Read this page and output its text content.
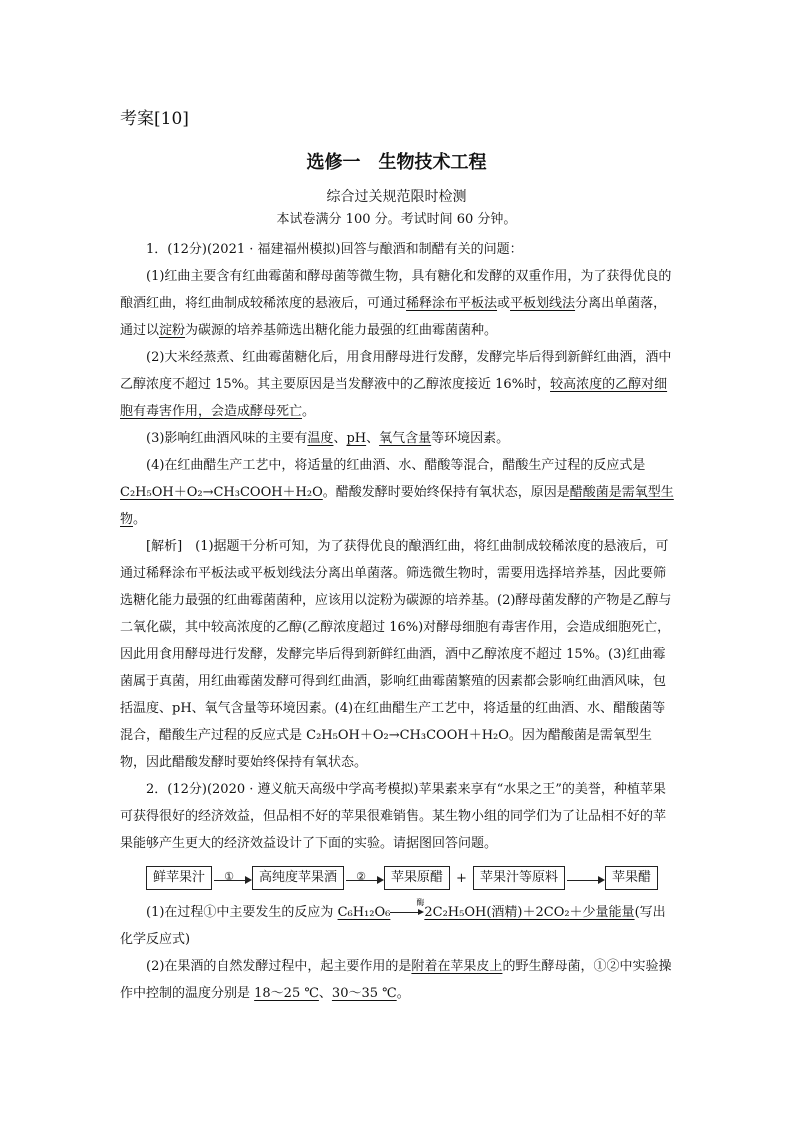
考案[10]
选修一　生物技术工程
综合过关规范限时检测
本试卷满分 100 分。考试时间 60 分钟。

1．(12分)(2021 · 福建福州模拟)回答与酿酒和制醋有关的问题：

(1)红曲主要含有红曲霉菌和酵母菌等微生物，具有糖化和发酵的双重作用，为了获得优良的酿酒红曲，将红曲制成较稀浓度的悬液后，可通过稀释涂布平板法或平板划线法分离出单菌落，通过以淀粉为碳源的培养基筛选出糖化能力最强的红曲霉菌菌种。

(2)大米经蒸煮、红曲霉菌糖化后，用食用酵母进行发酵，发酵完毕后得到新鲜红曲酒，酒中乙醇浓度不超过 15%。其主要原因是当发酵液中的乙醇浓度接近 16%时，较高浓度的乙醇对细胞有毒害作用，会造成酵母死亡。

(3)影响红曲酒风味的主要有温度、pH、氧气含量等环境因素。

(4)在红曲醋生产工艺中，将适量的红曲酒、水、醋酸等混合，醋酸生产过程的反应式是 C₂H₅OH＋O₂→CH₃COOH＋H₂O。醋酸发酵时要始终保持有氧状态，原因是醋酸菌是需氧型生物。

[解析]　(1)据题干分析可知，为了获得优良的酿酒红曲，将红曲制成较稀浓度的悬液后，可通过稀释涂布平板法或平板划线法分离出单菌落。筛选微生物时，需要用选择培养基，因此要筛选糖化能力最强的红曲霉菌菌种，应该用以淀粉为碳源的培养基。(2)酵母菌发酵的产物是乙醇与二氧化碳，其中较高浓度的乙醇(乙醇浓度超过 16%)对酵母细胞有毒害作用，会造成细胞死亡，因此用食用酵母进行发酵，发酵完毕后得到新鲜红曲酒，酒中乙醇浓度不超过 15%。(3)红曲霉菌属于真菌，用红曲霉菌发酵可得到红曲酒，影响红曲霉菌繁殖的因素都会影响红曲酒风味，包括温度、pH、氧气含量等环境因素。(4)在红曲醋生产工艺中，将适量的红曲酒、水、醋酸菌等混合，醋酸生产过程的反应式是 C₂H₅OH＋O₂→CH₃COOH＋H₂O。因为醋酸菌是需氧型生物，因此醋酸发酵时要始终保持有氧状态。

2．(12分)(2020 · 遵义航天高级中学高考模拟)苹果素来享有“水果之王”的美誉，种植苹果可获得很好的经济效益，但品相不好的苹果很难销售。某生物小组的同学们为了让品相不好的苹果能够产生更大的经济效益设计了下面的实验。请据图回答问题。

鲜苹果汁	①	高纯度苹果酒	②	苹果原醋	+	苹果汁等原料	苹果醋

(1)在过程①中主要发生的反应为 C₆H₁₂O₆
酶
2C₂H₅OH(酒精)＋2CO₂＋少量能量(写出化学反应式)

(2)在果酒的自然发酵过程中，起主要作用的是附着在苹果皮上的野生酵母菌，①②中实验操作中控制的温度分别是 18～25 ℃、30～35 ℃。
